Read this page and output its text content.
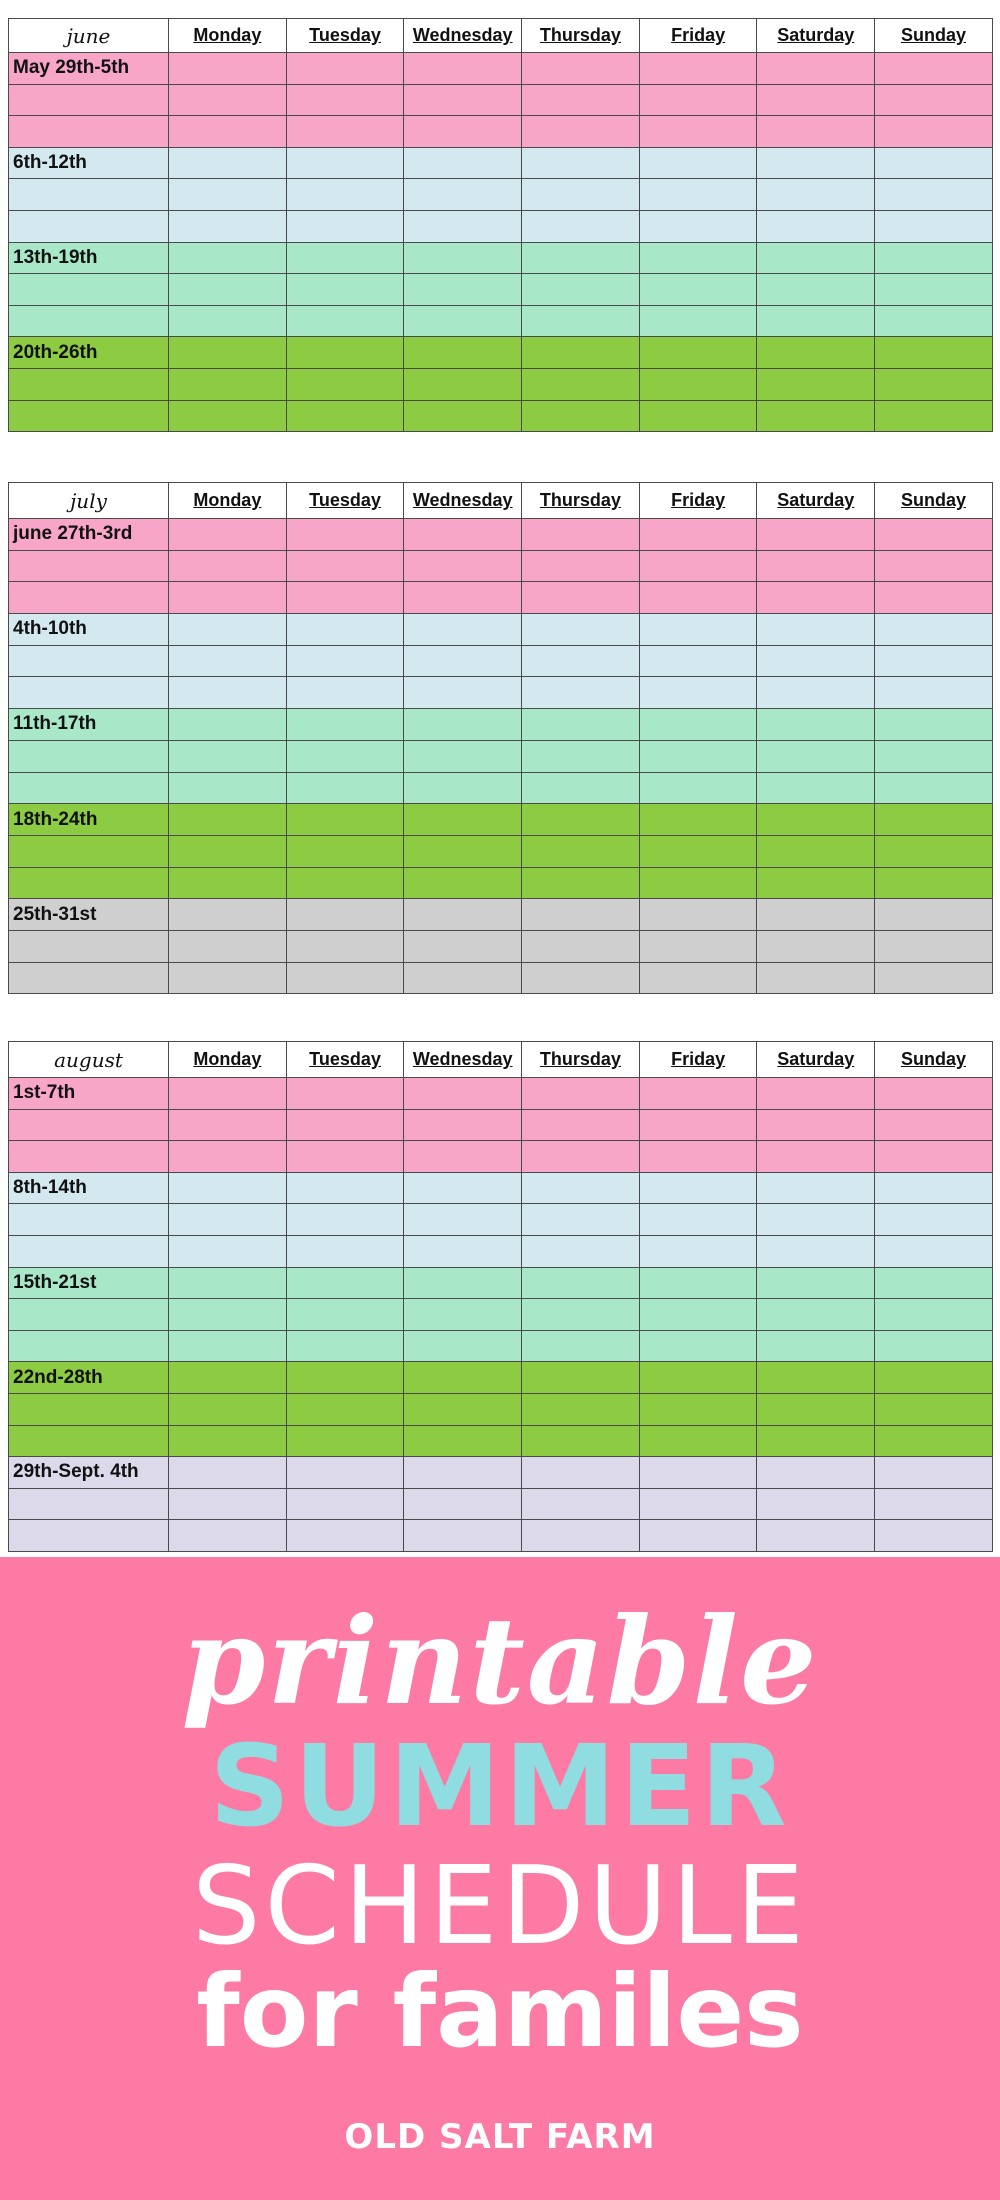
june	Monday	Tuesday	Wednesday	Thursday	Friday	Saturday	Sunday
May 29th-5th							

6th-12th							

13th-19th							

20th-26th							

july	Monday	Tuesday	Wednesday	Thursday	Friday	Saturday	Sunday
june 27th-3rd							

4th-10th							

11th-17th							

18th-24th							

25th-31st							

august	Monday	Tuesday	Wednesday	Thursday	Friday	Saturday	Sunday
1st-7th							

8th-14th							

15th-21st							

22nd-28th							

29th-Sept. 4th							

printable
SUMMER
SCHEDULE
for familes
OLD SALT FARM
